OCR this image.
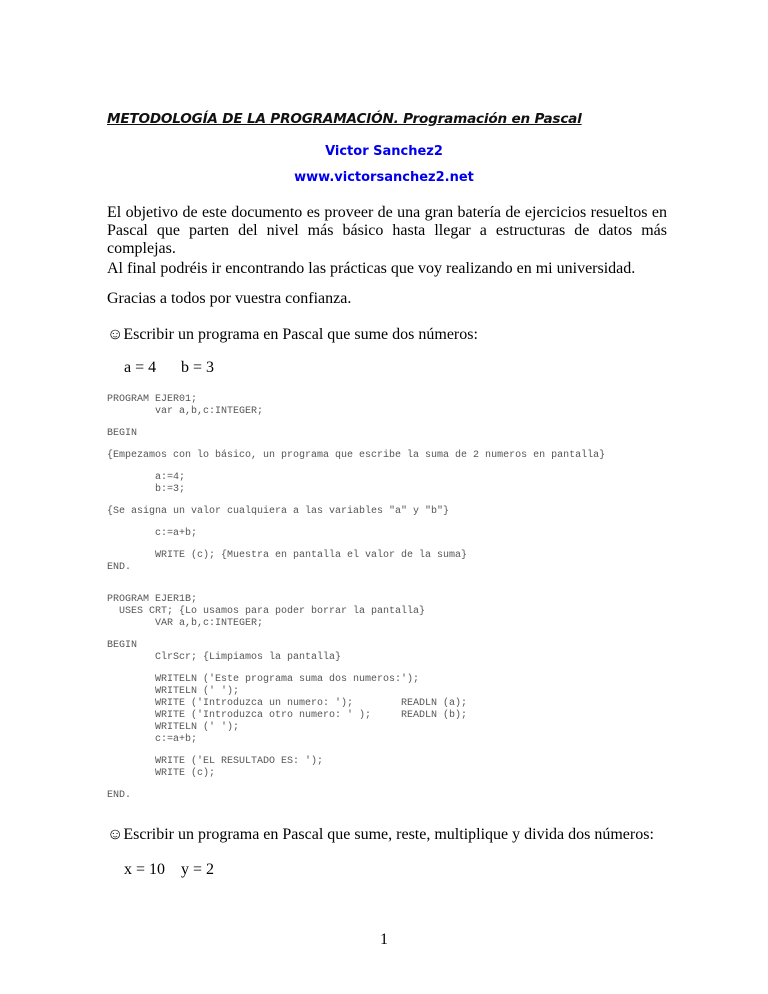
METODOLOGÍA DE LA PROGRAMACIÓN. Programación en Pascal
Victor Sanchez2
www.victorsanchez2.net
El objetivo de este documento es proveer de una gran batería de ejercicios resueltos en Pascal que parten del nivel más básico hasta llegar a estructuras de datos más complejas.
Al final podréis ir encontrando las prácticas que voy realizando en mi universidad.
Gracias a todos por vuestra confianza.
☺Escribir un programa en Pascal que sume dos números:
a = 4 b = 3
PROGRAM EJER01;
var a,b,c:INTEGER;
BEGIN
{Empezamos con lo básico, un programa que escribe la suma de 2 numeros en pantalla}
a:=4;
b:=3;
{Se asigna un valor cualquiera a las variables "a" y "b"}
c:=a+b;
WRITE (c); {Muestra en pantalla el valor de la suma}
END.
PROGRAM EJER1B;
USES CRT; {Lo usamos para poder borrar la pantalla}
VAR a,b,c:INTEGER;
BEGIN
ClrScr; {Limpiamos la pantalla}
WRITELN ('Este programa suma dos numeros:');
WRITELN (' ');
WRITE ('Introduzca un numero: ');        READLN (a);
WRITE ('Introduzca otro numero: ' );     READLN (b);
WRITELN (' ');
c:=a+b;
WRITE ('EL RESULTADO ES: ');
WRITE (c);
END.
☺Escribir un programa en Pascal que sume, reste, multiplique y divida dos números:
x = 10 y = 2
1
